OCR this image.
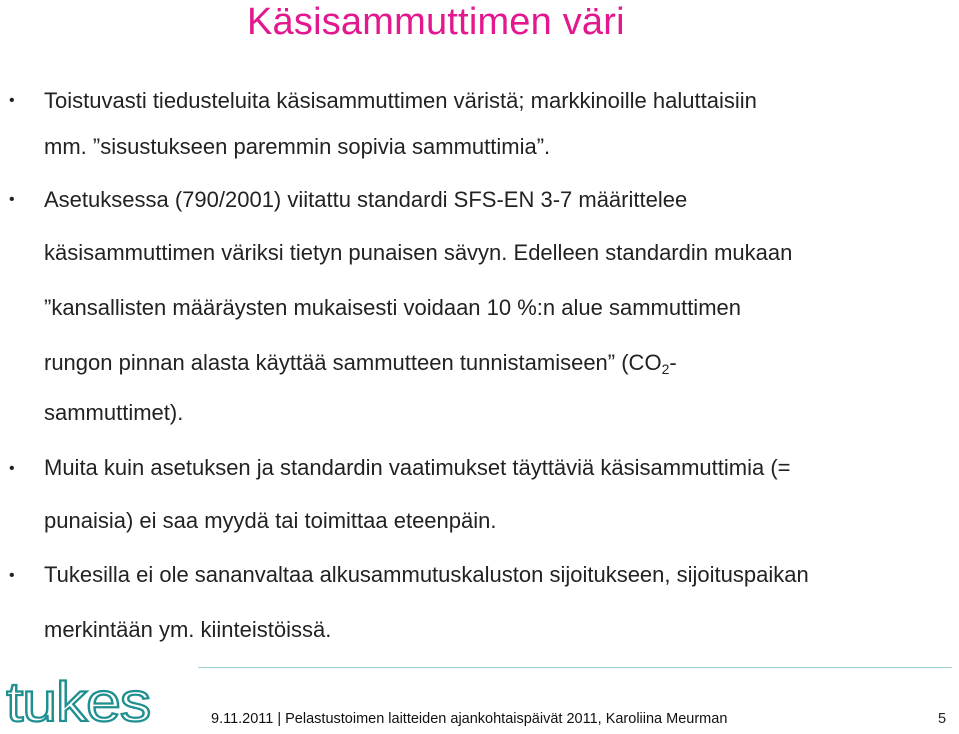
Käsisammuttimen väri
• Toistuvasti tiedusteluita käsisammuttimen väristä; markkinoille haluttaisiin
mm. ”sisustukseen paremmin sopivia sammuttimia”.
• Asetuksessa (790/2001) viitattu standardi SFS-EN 3-7 määrittelee
käsisammuttimen väriksi tietyn punaisen sävyn. Edelleen standardin mukaan
”kansallisten määräysten mukaisesti voidaan 10 %:n alue sammuttimen
rungon pinnan alasta käyttää sammutteen tunnistamiseen” ($CO_2-$
sammuttimet).
• Muita kuin asetuksen ja standardin vaatimukset täyttäviä käsisammuttimia (=
punaisia) ei saa myydä tai toimittaa eteenpäin.
• Tukesilla ei ole sananvaltaa alkusammutuskaluston sijoitukseen, sijoituspaikan
merkintään ym. kiinteistöissä.
tukes	9.11.2011 | Pelastustoimen laitteiden ajankohtaispäivät 2011, Karoliina Meurman	5
